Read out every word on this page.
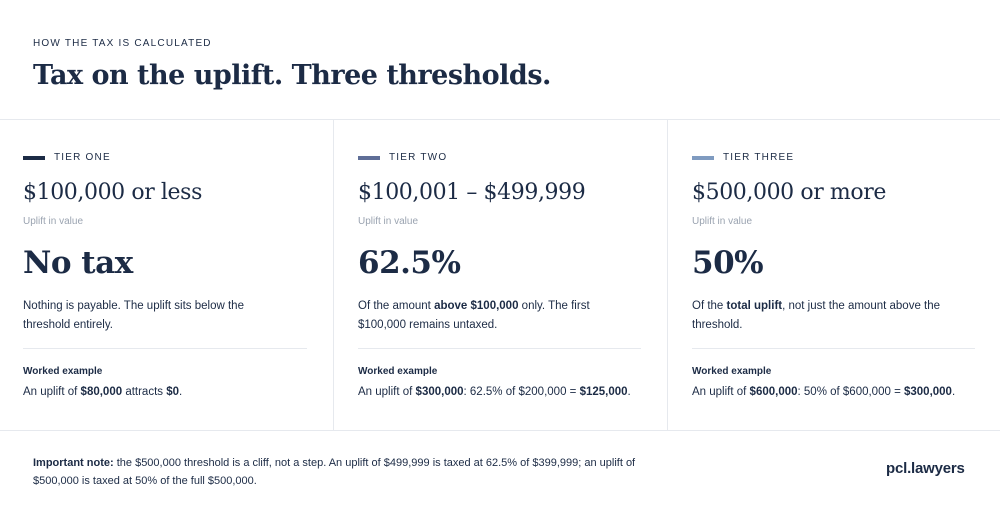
HOW THE TAX IS CALCULATED
Tax on the uplift. Three thresholds.
TIER ONE
$100,000 or less
Uplift in value
No tax

Nothing is payable. The uplift sits below the threshold entirely.

Worked example
An uplift of $80,000 attracts $0.
TIER TWO
$100,001 – $499,999
Uplift in value
62.5%

Of the amount above $100,000 only. The first $100,000 remains untaxed.

Worked example
An uplift of $300,000: 62.5% of $200,000 = $125,000.
TIER THREE
$500,000 or more
Uplift in value
50%

Of the total uplift, not just the amount above the threshold.

Worked example
An uplift of $600,000: 50% of $600,000 = $300,000.

Important note: the $500,000 threshold is a cliff, not a step. An uplift of $499,999 is taxed at 62.5% of $399,999; an uplift of $500,000 is taxed at 50% of the full $500,000.

pcl.lawyers
